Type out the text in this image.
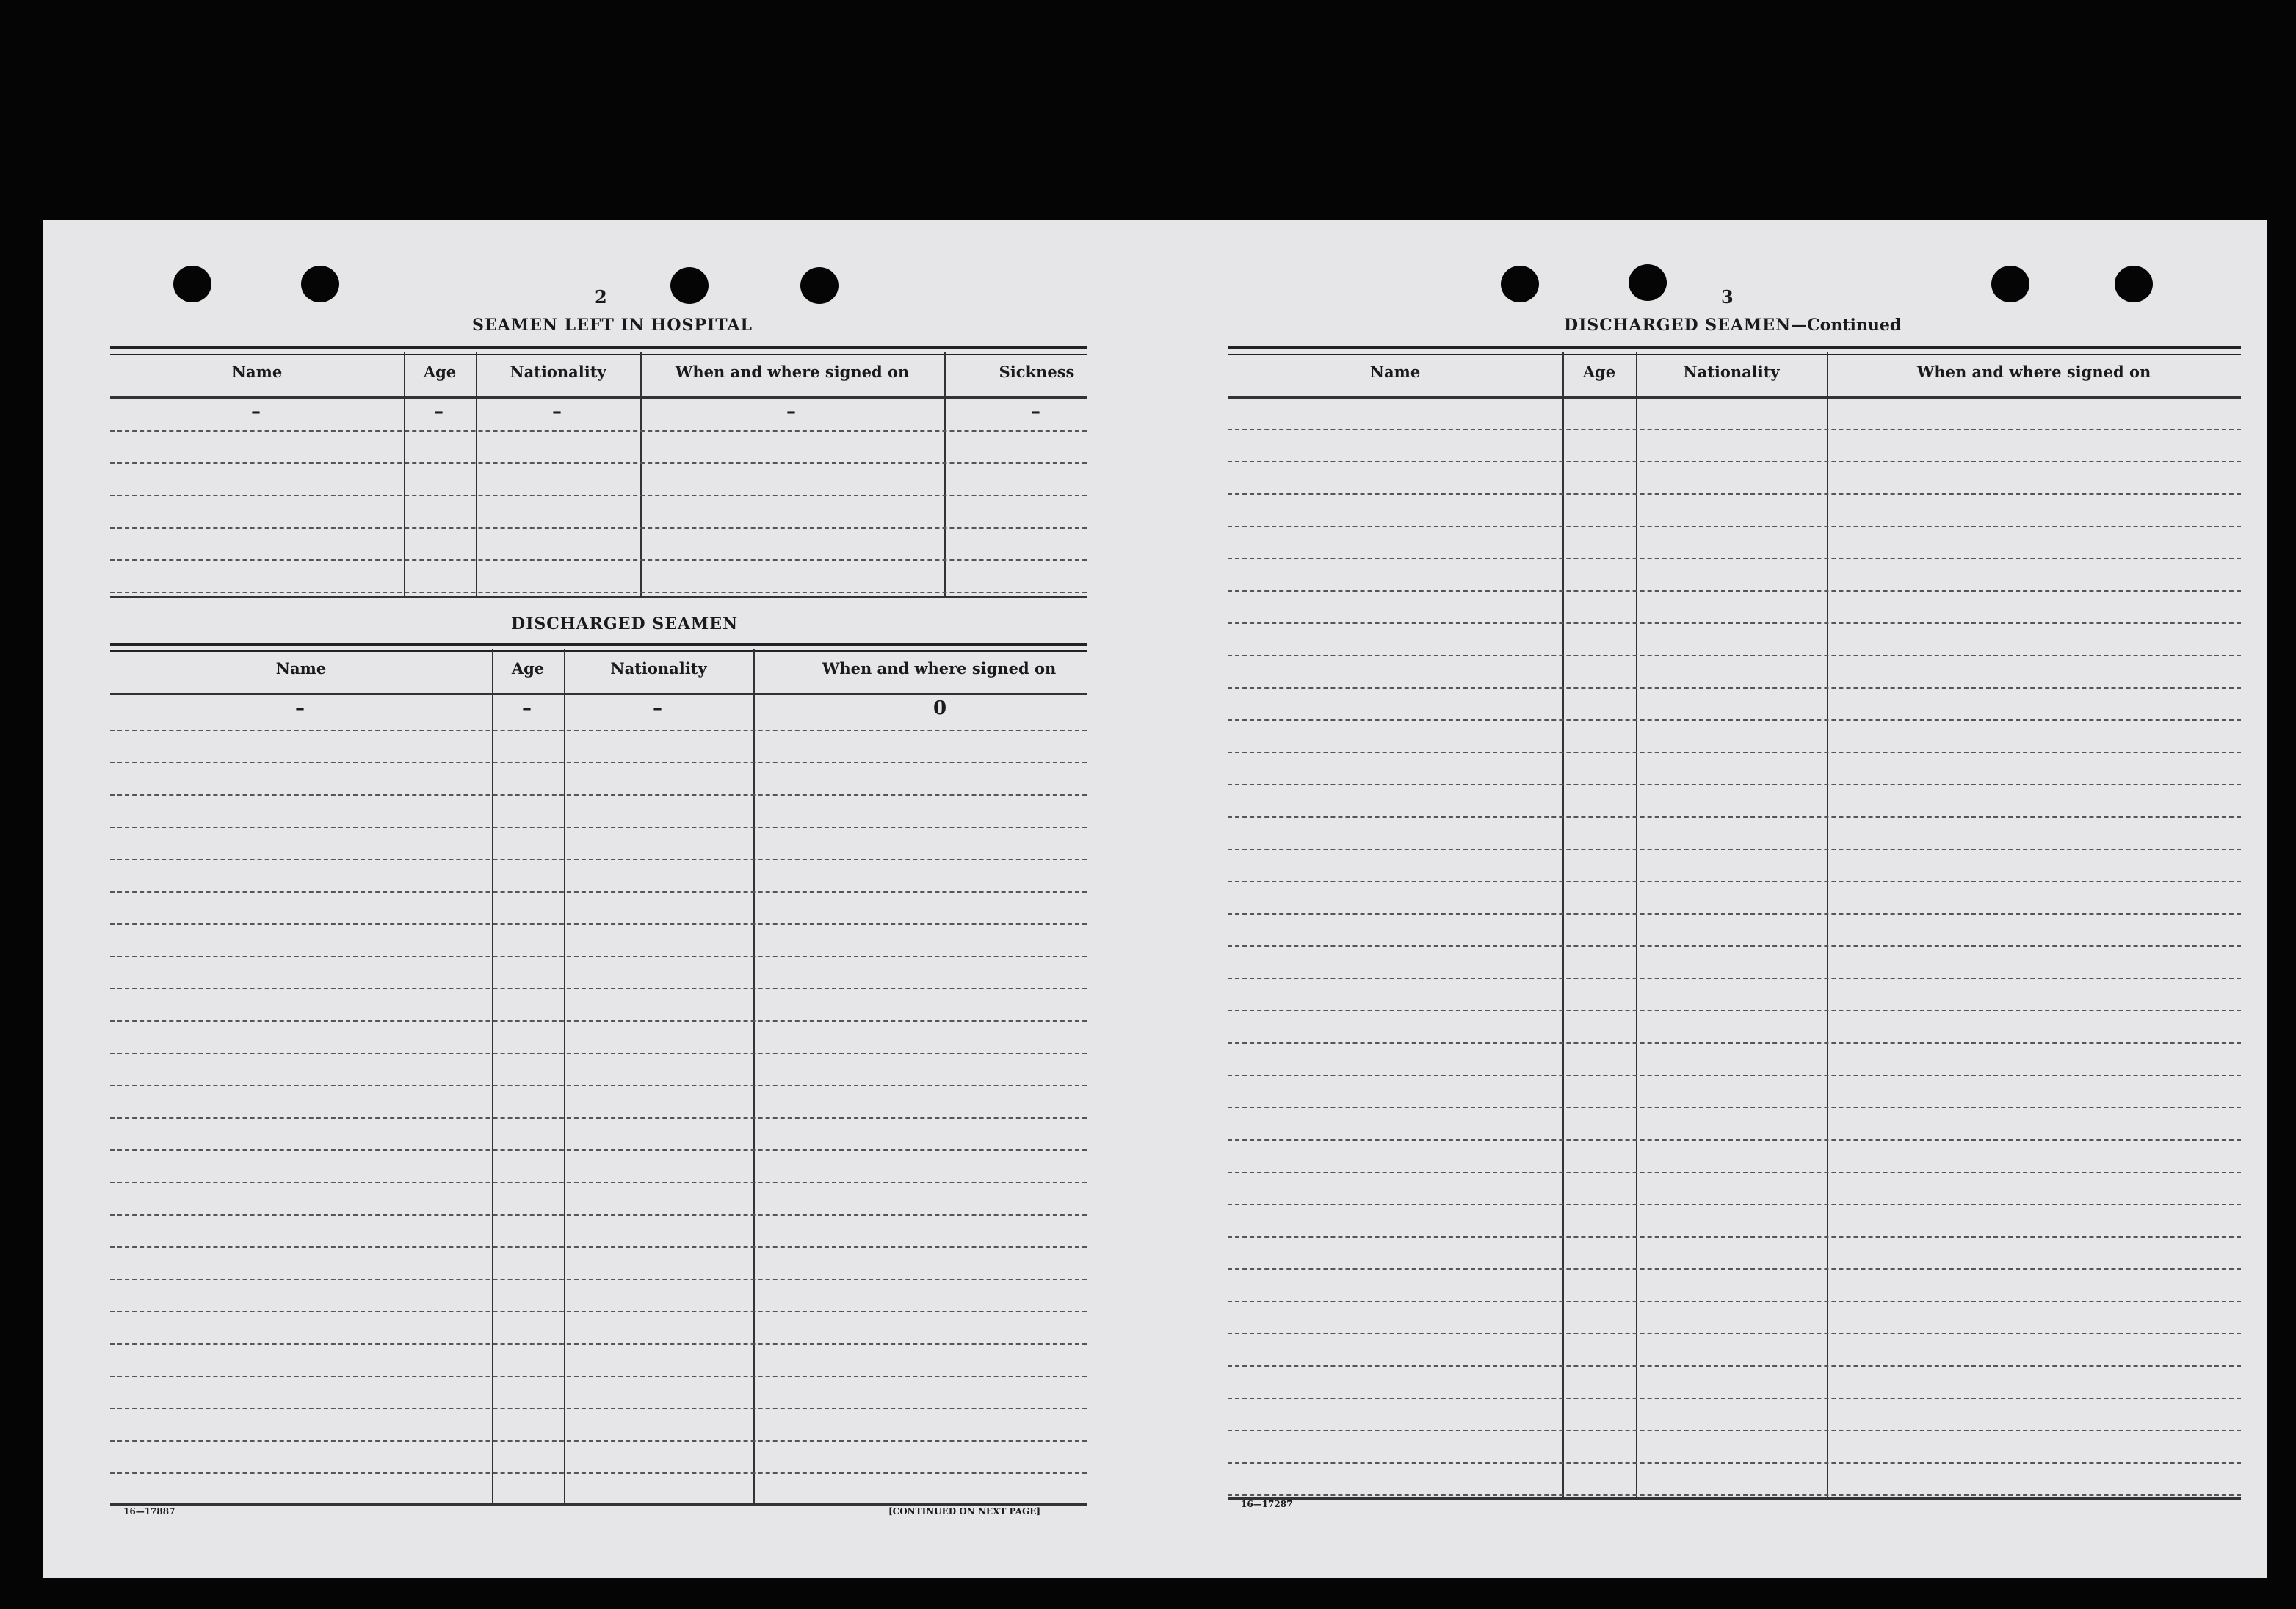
2
SEAMEN LEFT IN HOSPITAL
Name	Age	Nationality	When and where signed on	Sickness
–	–	–	–	–
DISCHARGED SEAMEN
Name	Age	Nationality	When and where signed on
–	–	–	0
16—17887	[CONTINUED ON NEXT PAGE]
3
DISCHARGED SEAMEN—Continued
Name	Age	Nationality	When and where signed on
16—17287
